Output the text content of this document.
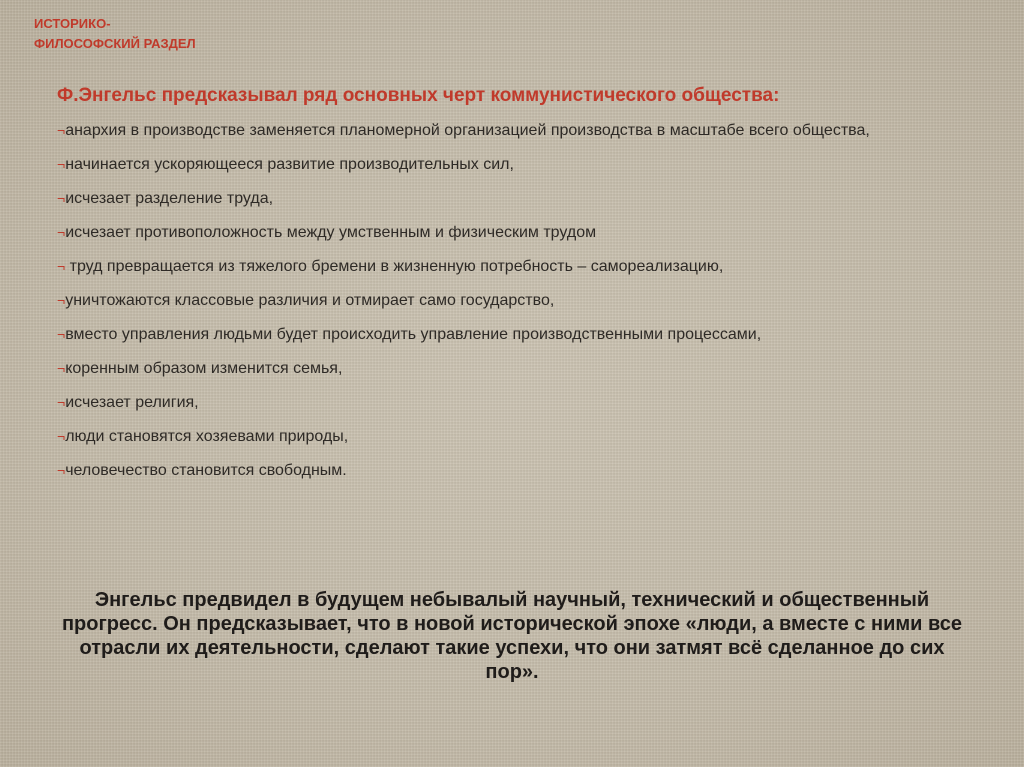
ИСТОРИКО-
ФИЛОСОФСКИЙ РАЗДЕЛ
Ф.Энгельс предсказывал ряд основных черт коммунистического общества:
¬анархия в производстве заменяется планомерной организацией производства в масштабе всего общества,
¬начинается ускоряющееся развитие производительных сил,
¬исчезает разделение труда,
¬исчезает противоположность между умственным и физическим трудом
¬ труд превращается из тяжелого бремени в жизненную потребность – самореализацию,
¬уничтожаются классовые различия и отмирает само государство,
¬вместо управления людьми будет происходить управление производственными процессами,
¬коренным образом изменится семья,
¬исчезает религия,
¬люди становятся хозяевами природы,
¬человечество становится свободным.

Энгельс предвидел в будущем небывалый научный, технический и общественный прогресс. Он предсказывает, что в новой исторической эпохе «люди, а вместе с ними все отрасли их деятельности, сделают такие успехи, что они затмят всё сделанное до сих пор».
